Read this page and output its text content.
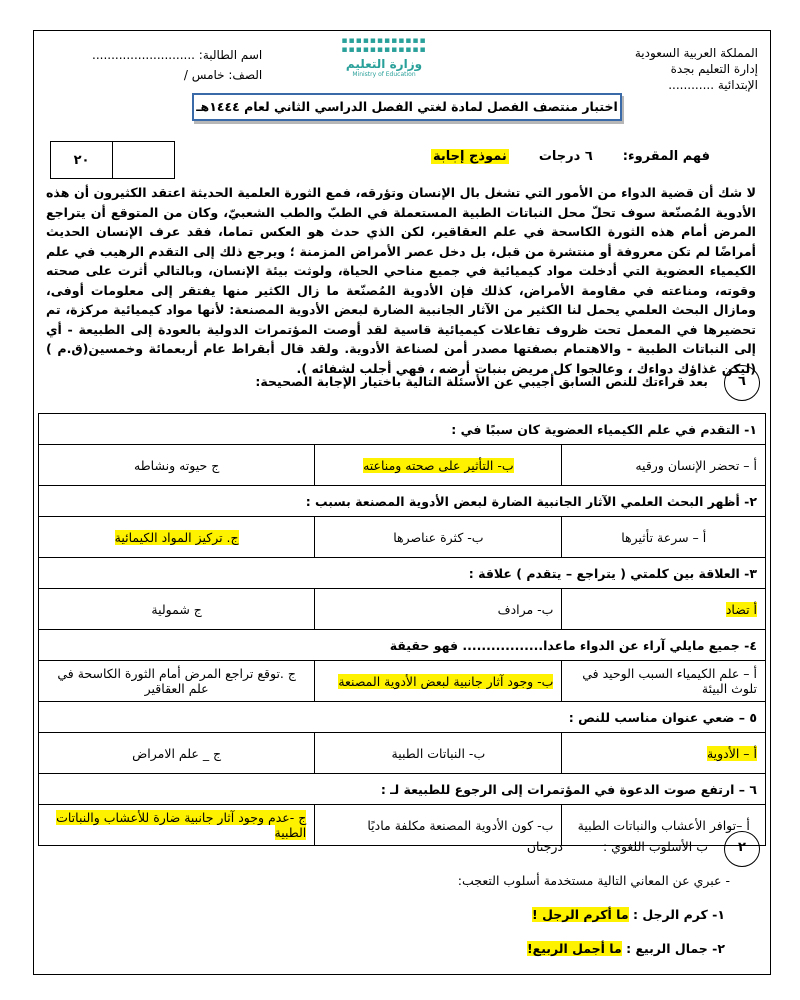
المملكة العربية السعودية
إدارة التعليم بجدة
الإبتدائية ............
▪▪▪▪▪▪▪▪▪▪▪▪
▪▪▪▪▪▪▪▪▪▪▪▪
وزارة التعليم
Ministry of Education
اسم الطالبة: ...........................
الصف: خامس /
اختبار منتصف الفصل لمادة لغتي الفصل الدراسي الثاني لعام ١٤٤٤هـ
فهم المقروء:
٦ درجات
نموذج إجابة
٢٠
لا شك أن قضية الدواء من الأمور التي تشغل بال الإنسان وتؤرقه، فمع الثورة العلمية الحديثة اعتقد الكثيرون أن هذه الأدوية المُصنّعة سوف تحلّ محل النباتات الطبية المستعملة في الطبّ والطب الشعبيّ، وكان من المتوقع أن يتراجع المرض أمام هذه الثورة الكاسحة في علم العقاقير، لكن الذي حدث هو العكس تماما، فقد عرف الإنسان الحديث أمراضًا لم تكن معروفة أو منتشرة من قبل، بل دخل عصر الأمراض المزمنة ؛ ويرجع ذلك إلى التقدم الرهيب في علم الكيمياء العضوية التي أدخلت مواد كيميائية في جميع مناحي الحياة، ولوثت بيئة الإنسان، وبالتالي أثرت على صحته وقوته، ومناعته في مقاومة الأمراض، كذلك فإن الأدوية المُصنّعة ما زال الكثير منها يفتقر إلى معلومات أوفى، ومازال البحث العلمي يحمل لنا الكثير من الآثار الجانبية الضارة لبعض الأدوية المصنعة: لأنها مواد كيميائية مركزة، تم تحضيرها في المعمل تحت ظروف تفاعلات كيميائية قاسية لقد أوصت المؤتمرات الدولية بالعودة إلى الطبيعة - أي إلى النباتات الطبية - والاهتمام بصفتها مصدر أمن لصناعة الأدوية. ولقد قال أبقراط عام أربعمائة وخمسين(ق.م ) (ليكن غذاؤك دواءك ، وعالجوا كل مريض بنبات أرضه ، فهي أجلب لشفائه ).
٦
بعد قراءتك للنص السابق أجيبي عن الأسئلة التالية باختيار الإجابة الصحيحة:
١- التقدم في علم الكيمياء العضوية كان سببًا في :		
أ – تحضر الإنسان ورقيه	ب- التأثير على صحته ومناعته	ج حيوته ونشاطه
٢- أظهر البحث العلمي الآثار الجانبية الضارة لبعض الأدوية المصنعة بسبب :		
أ – سرعة تأثيرها	ب- كثرة عناصرها	ج. تركيز المواد الكيمائية
٣- العلاقة بين كلمتي ( يتراجع – يتقدم ) علاقة :		
أ تضاد	ب- مرادف	ج شمولية
٤- جميع مايلي آراء عن الدواء ماعدا................. فهو حقيقة		
أ – علم الكيمياء السبب الوحيد في تلوث البيئة	ب- وجود آثار جانبية لبعض الأدوية المصنعة	ج .توقع تراجع المرض أمام الثورة الكاسحة في علم العقاقير
٥ – ضعي عنوان مناسب للنص :		
أ – الأدوية	ب- النباتات الطبية	ج _ علم الامراض
٦ – ارتفع صوت الدعوة في المؤتمرات إلى الرجوع للطبيعة لـ :		
أ –توافر الأعشاب والنباتات الطبية	ب- كون الأدوية المصنعة مكلفة ماديًا	ج -عدم وجود آثار جانبية ضارة للأعشاب والنباتات الطبية
٢
ب الأسلوب اللغوي :
درجتان
- عبري عن المعاني التالية مستخدمة أسلوب التعجب:
١- كرم الرجل : ما أكرم الرجل !
٢- جمال الربيع : ما أجمل الربيع!
